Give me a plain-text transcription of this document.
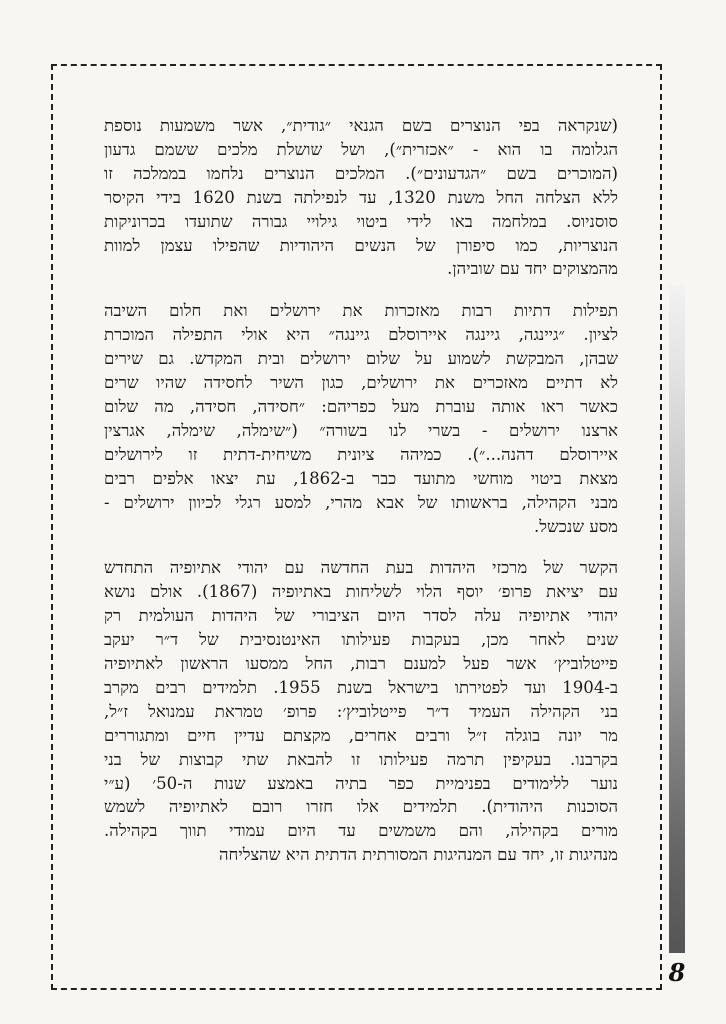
(שנקראה בפי הנוצרים בשם הגנאי ״גודית״, אשר משמעות נוספת
הגלומה בו הוא - ״אכזרית״), ושל שושלת מלכים ששמם גדעון
(המוכרים בשם ״הגדעונים״). המלכים הנוצרים נלחמו בממלכה זו
ללא הצלחה החל משנת 1320, עד לנפילתה בשנת 1620 בידי הקיסר
סוסניוס. במלחמה באו לידי ביטוי גילויי גבורה שתועדו בכרוניקות
הנוצריות, כמו סיפורן של הנשים היהודיות שהפילו עצמן למוות
מהמצוקים יחד עם שוביהן.

תפילות דתיות רבות מאזכרות את ירושלים ואת חלום השיבה
לציון. ״גיינגה, גיינגה איירוסלם גיינגה״ היא אולי התפילה המוכרת
שבהן, המבקשת לשמוע על שלום ירושלים ובית המקדש. גם שירים
לא דתיים מאזכרים את ירושלים, כגון השיר לחסידה שהיו שרים
כאשר ראו אותה עוברת מעל כפריהם: ״חסידה, חסידה, מה שלום
ארצנו ירושלים - בשרי לנו בשורה״ (״שימלה, שימלה, אגרצין
איירוסלם דהנה...״). כמיהה ציונית משיחית-דתית זו לירושלים
מצאת ביטוי מוחשי מתועד כבר ב-1862, עת יצאו אלפים רבים
מבני הקהילה, בראשותו של אבא מהרי, למסע רגלי לכיוון ירושלים -
מסע שנכשל.

הקשר של מרכזי היהדות בעת החדשה עם יהודי אתיופיה התחדש
עם יציאת פרופ׳ יוסף הלוי לשליחות באתיופיה (1867). אולם נושא
יהודי אתיופיה עלה לסדר היום הציבורי של היהדות העולמית רק
שנים לאחר מכן, בעקבות פעילותו האינטנסיבית של ד״ר יעקב
פייטלוביץ׳ אשר פעל למענם רבות, החל ממסעו הראשון לאתיופיה
ב-1904 ועד לפטירתו בישראל בשנת 1955. תלמידים רבים מקרב
בני הקהילה העמיד ד״ר פייטלוביץ׳: פרופ׳ טמראת עמנואל ז״ל,
מר יונה בוגלה ז״ל ורבים אחרים, מקצתם עדיין חיים ומתגוררים
בקרבנו. בעקיפין תרמה פעילותו זו להבאת שתי קבוצות של בני
נוער ללימודים בפנימיית כפר בתיה באמצע שנות ה-50׳ (ע״י
הסוכנות היהודית). תלמידים אלו חזרו רובם לאתיופיה לשמש
מורים בקהילה, והם משמשים עד היום עמודי תווך בקהילה.
מנהיגות זו, יחד עם המנהיגות המסורתית הדתית היא שהצליחה

8
